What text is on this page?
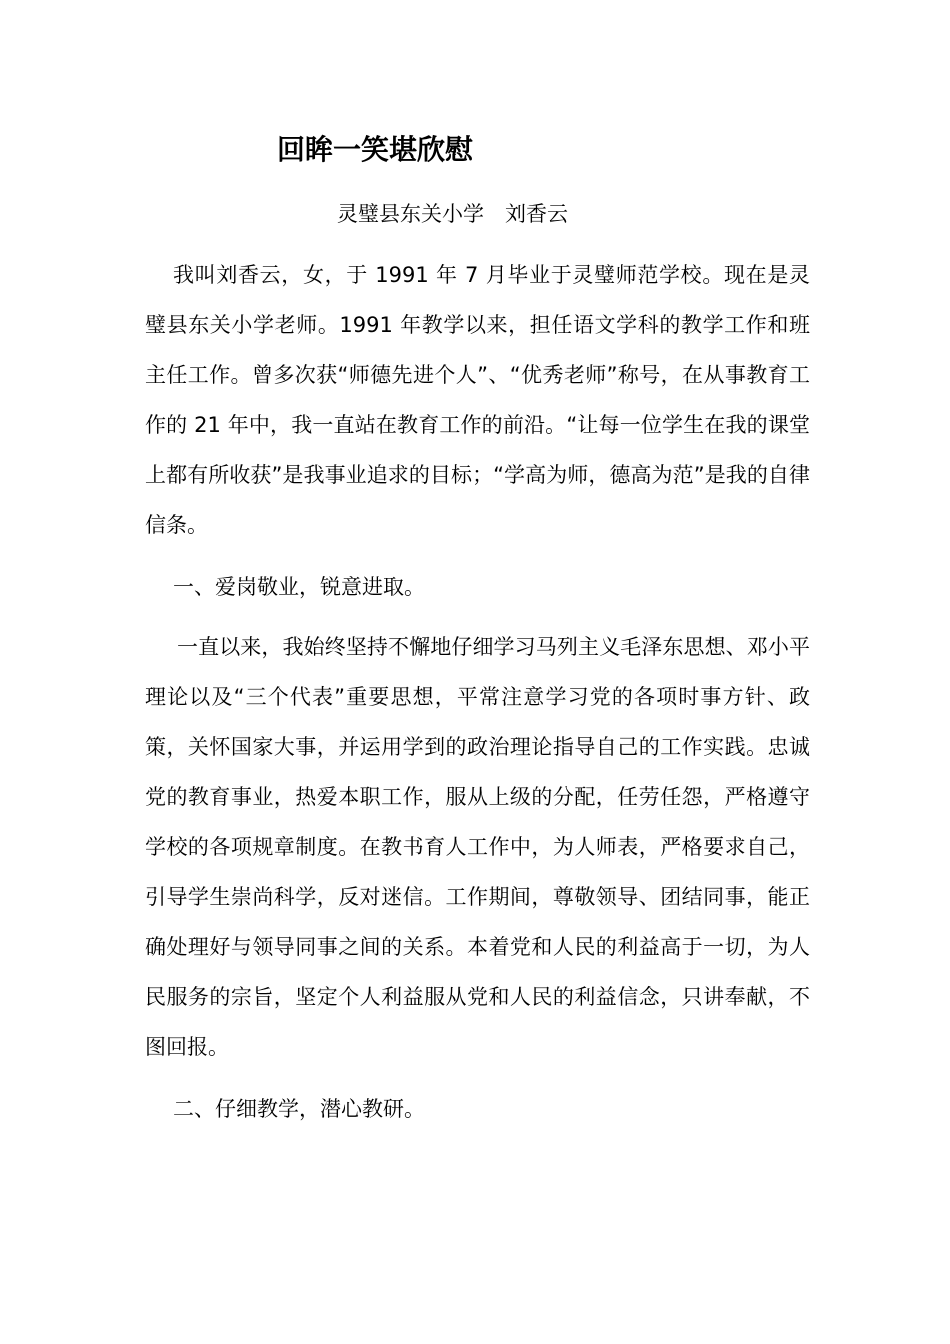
回眸一笑堪欣慰
灵璧县东关小学　刘香云

我叫刘香云，女，于 1991 年 7 月毕业于灵璧师范学校。现在是灵璧县东关小学老师。1991 年教学以来，担任语文学科的教学工作和班主任工作。曾多次获“师德先进个人”、“优秀老师”称号，在从事教育工作的 21 年中，我一直站在教育工作的前沿。“让每一位学生在我的课堂上都有所收获”是我事业追求的目标；“学高为师，德高为范”是我的自律信条。

一、爱岗敬业，锐意进取。

一直以来，我始终坚持不懈地仔细学习马列主义毛泽东思想、邓小平理论以及“三个代表”重要思想，平常注意学习党的各项时事方针、政策，关怀国家大事，并运用学到的政治理论指导自己的工作实践。忠诚党的教育事业，热爱本职工作，服从上级的分配，任劳任怨，严格遵守学校的各项规章制度。在教书育人工作中，为人师表，严格要求自己，引导学生崇尚科学，反对迷信。工作期间，尊敬领导、团结同事，能正确处理好与领导同事之间的关系。本着党和人民的利益高于一切，为人民服务的宗旨，坚定个人利益服从党和人民的利益信念，只讲奉献，不图回报。

二、仔细教学，潜心教研。
